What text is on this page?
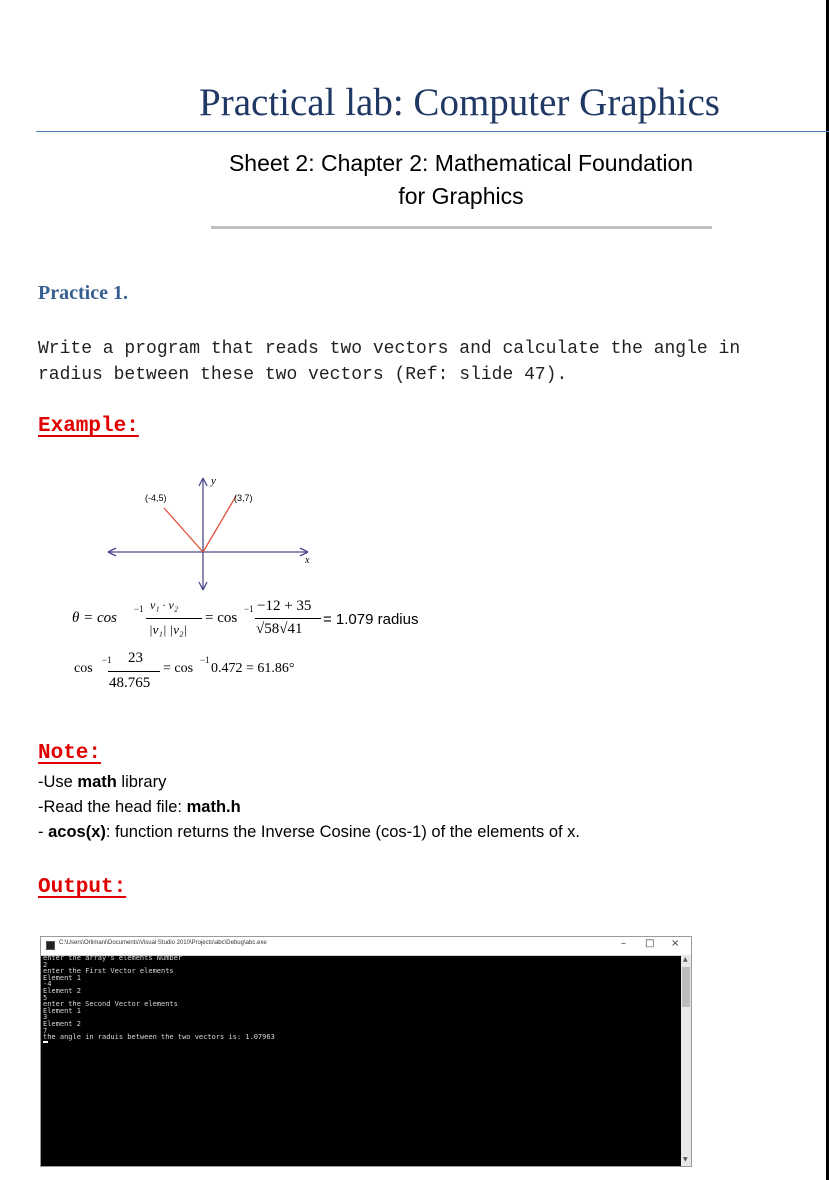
Practical lab: Computer Graphics
Sheet 2: Chapter 2: Mathematical Foundation
for Graphics
Practice 1.
Write a program that reads two vectors and calculate the angle in
radius between these two vectors (Ref: slide 47).
Example:
y
x
(-4,5)	(3,7)
θ = cos
−1 v₁ · v₂
|v₁| |v₂|
= cos
−1 −12 + 35
√58√41
= 1.079 radius
cos
−1 23
48.765
= cos
−1
0.472 = 61.86°
Note:
-Use math library
-Read the head file: math.h
- acos(x): function returns the Inverse Cosine (cos-1) of the elements of x.
Output:
C:\Users\Orlimani\Documents\Visual Studio 2010\Projects\abc\Debug\abc.exe	– □ ×
enter the array's elements Number
2
enter the First Vector elements
Element 1
-4
Element 2
5
enter the Second Vector elements
Element 1
3
Element 2
7
the angle in raduis between the two vectors is: 1.07963

▲
▼
